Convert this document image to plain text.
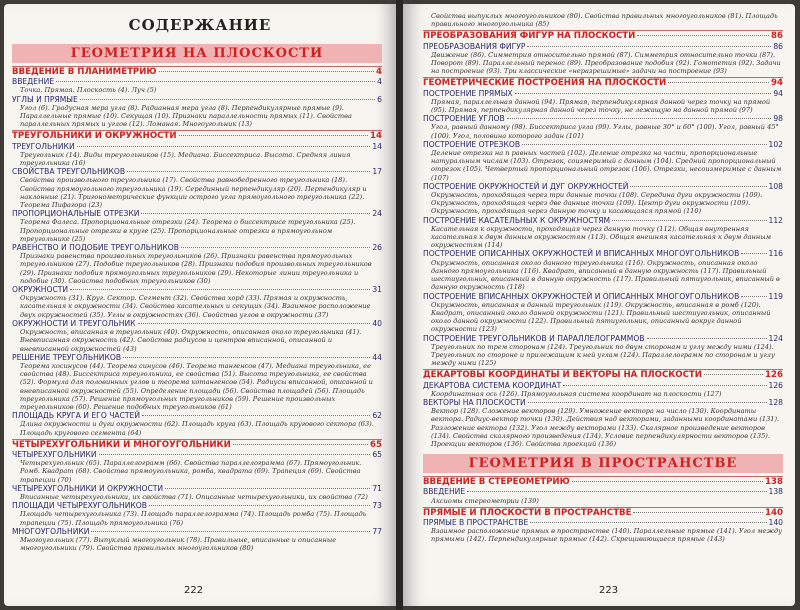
СОДЕРЖАНИЕ
ГЕОМЕТРИЯ НА ПЛОСКОСТИ
ВВЕДЕНИЕ В ПЛАНИМЕТРИЮ	4
ВВЕДЕНИЕ	4
Точка. Прямая. Плоскость (4). Луч (5)
УГЛЫ И ПРЯМЫЕ	6
Угол (6). Градусная мера угла (8). Радианная мера угла (8). Перпендикулярные прямые (9). Параллельные прямые (10). Секущая (10). Признаки параллельности прямых (11). Свойства параллельных прямых и углов (12). Ломаная. Многоугольник (13)
ТРЕУГОЛЬНИКИ И ОКРУЖНОСТИ	14
ТРЕУГОЛЬНИКИ	14
Треугольник (14). Виды треугольников (15). Медиана. Биссектриса. Высота. Средняя линия треугольника (16)
СВОЙСТВА ТРЕУГОЛЬНИКОВ	17
Свойства произвольного треугольника (17). Свойства равнобедренного треугольника (18). Свойства прямоугольного треугольника (19). Серединный перпендикуляр (20). Перпендикуляр и наклонные (21). Тригонометрические функции острого угла прямоугольного треугольника (22). Теорема Пифагора (23)
ПРОПОРЦИОНАЛЬНЫЕ ОТРЕЗКИ	24
Теорема Фалеса. Пропорциональные отрезки (24). Теорема о биссектрисе треугольника (25). Пропорциональные отрезки в круге (25). Пропорциональные отрезки в прямоугольном треугольнике (25)
РАВЕНСТВО И ПОДОБИЕ ТРЕУГОЛЬНИКОВ	26
Признаки равенства произвольных треугольников (26). Признаки равенства прямоугольных треугольников (27). Подобие треугольников (28). Признаки подобия произвольных треугольников (29). Признаки подобия прямоугольных треугольников (29). Некоторые линии треугольника и подобие (30). Свойства подобных треугольников (30)
ОКРУЖНОСТИ	31
Окружность (31). Круг. Сектор. Сегмент (32). Свойства хорд (33). Прямая и окружность, касательная к окружности (34). Свойства касательных и секущих (34). Взаимное расположение двух окружностей (35). Углы в окружностях (36). Свойства углов в окружности (37)
ОКРУЖНОСТИ И ТРЕУГОЛЬНИК	40
Окружность, вписанная в треугольник (40). Окружность, описанная около треугольника (41). Вневписанная окружность (42). Свойства радиусов и центров вписанной, описанной и вневписанной окружностей (43)
РЕШЕНИЕ ТРЕУГОЛЬНИКОВ	44
Теорема косинусов (44). Теорема синусов (46). Теорема тангенсов (47). Медиана треугольника, ее свойства (48). Биссектриса треугольника, ее свойства (51). Высота треугольника, ее свойства (52). Формула для половинных углов и теорема котангенсов (54). Радиусы вписанной, описанной и вневписанной окружностей (55). Определение площади (56). Свойства площадей (56). Площадь треугольника (57). Решение прямоугольных треугольников (59). Решение произвольных треугольников (60). Решение подобных треугольников (61)
ПЛОЩАДЬ КРУГА И ЕГО ЧАСТЕЙ	62
Длина окружности и дуги окружности (62). Площадь круга (63). Площадь кругового сектора (63). Площадь кругового сегмента (64)
ЧЕТЫРЕХУГОЛЬНИКИ И МНОГОУГОЛЬНИКИ	65
ЧЕТЫРЕХУГОЛЬНИКИ	65
Четырехугольник (65). Параллелограмм (66). Свойства параллелограмма (67). Прямоугольник. Ромб. Квадрат (68). Свойства прямоугольника, ромба, квадрата (69). Трапеция (69). Свойства трапеции (70)
ЧЕТЫРЕХУГОЛЬНИКИ И ОКРУЖНОСТИ	71
Вписанные четырехугольники, их свойства (71). Описанные четырехугольники, их свойства (72)
ПЛОЩАДИ ЧЕТЫРЕХУГОЛЬНИКОВ	73
Площадь четырехугольника (73). Площадь параллелограмма (74). Площадь ромба (75). Площадь трапеции (75). Площадь прямоугольника (76)
МНОГОУГОЛЬНИКИ	77
Многоугольник (77). Выпуклый многоугольник (78). Правильные, вписанные и описанные многоугольники (79). Свойства правильных многоугольников (80)
222
Свойства выпуклых многоугольников (80). Свойства правильных многоугольников (81). Площадь правильного многоугольника (85)
ПРЕОБРАЗОВАНИЯ ФИГУР НА ПЛОСКОСТИ	86
ПРЕОБРАЗОВАНИЯ ФИГУР	86
Движение (86). Симметрия относительно прямой (87). Симметрия относительно точки (87). Поворот (89). Параллельный перенос (89). Преобразование подобия (92). Гомотетия (92). Задачи на построение (93). Три классические «неразрешимые» задачи на построение (93)
ГЕОМЕТРИЧЕСКИЕ ПОСТРОЕНИЯ НА ПЛОСКОСТИ	94
ПОСТРОЕНИЕ ПРЯМЫХ	94
Прямая, параллельная данной (94). Прямая, перпендикулярная данной через точку на прямой (95). Прямая, перпендикулярная данной через точку, не лежащую на данной прямой (97)
ПОСТРОЕНИЕ УГЛОВ	98
Угол, равный данному (98). Биссектриса угла (99). Углы, равные 30° и 60° (100). Угол, равный 45° (100). Угол, половина которого задан (101)
ПОСТРОЕНИЕ ОТРЕЗКОВ	102
Деление отрезка на n равных частей (102). Деление отрезка на части, пропорциональные натуральным числам (103). Отрезок, соизмеримый с данным (104). Средний пропорциональный отрезок (105). Четвертый пропорциональный отрезок (106). Отрезки, несоизмеримые с данным (107)
ПОСТРОЕНИЕ ОКРУЖНОСТЕЙ И ДУГ ОКРУЖНОСТЕЙ	108
Окружность, проходящая через три данные точки (108). Середина дуги окружности (109). Окружность, проходящая через две данные точки (109). Центр дуги окружности (109). Окружность, проходящая через данную точку и касающаяся прямой (110)
ПОСТРОЕНИЕ КАСАТЕЛЬНЫХ К ОКРУЖНОСТЯМ	112
Касательная к окружности, проходящая через данную точку (112). Общая внутренняя касательная к двум данным окружностям (113). Общая внешняя касательная к двум данным окружностям (114)
ПОСТРОЕНИЕ ОПИСАННЫХ ОКРУЖНОСТЕЙ И ВПИСАННЫХ МНОГОУГОЛЬНИКОВ	116
Окружность, описанная около данного треугольника (116). Окружность, описанная около данного прямоугольника (116). Квадрат, вписанный в данную окружность (117). Правильный шестиугольник, вписанный в данную окружность (117). Правильный пятиугольник, вписанный в данную окружность (118)
ПОСТРОЕНИЕ ВПИСАННЫХ ОКРУЖНОСТЕЙ И ОПИСАННЫХ МНОГОУГОЛЬНИКОВ	119
Окружность, вписанная в данный треугольник (119). Окружность, вписанная в ромб (120). Квадрат, описанный около данной окружности (121). Правильный шестиугольник, описанный около данной окружности (122). Правильный пятиугольник, описанный вокруг данной окружности (123)
ПОСТРОЕНИЕ ТРЕУГОЛЬНИКОВ И ПАРАЛЛЕЛОГРАММОВ	124
Треугольник по трем сторонам (124). Треугольник по двум сторонам и углу между ними (124). Треугольник по стороне и прилежащим к ней углам (124). Параллелограмм по сторонам и углу между ними (125)
ДЕКАРТОВЫ КООРДИНАТЫ И ВЕКТОРЫ НА ПЛОСКОСТИ	126
ДЕКАРТОВА СИСТЕМА КООРДИНАТ	126
Координатная ось (126). Прямоугольная система координат на плоскости (127)
ВЕКТОРЫ НА ПЛОСКОСТИ	128
Вектор (128). Сложение векторов (129). Умножение вектора на число (130). Координаты вектора. Радиус-вектор точки (130). Действия над векторами, заданными координатами (131). Разложение вектора (132). Угол между векторами (133). Скалярное произведение векторов (134). Свойства скалярного произведения (134). Условие перпендикулярности векторов (135). Проекции векторов (136). Свойства проекций (136)
ГЕОМЕТРИЯ В ПРОСТРАНСТВЕ
ВВЕДЕНИЕ В СТЕРЕОМЕТРИЮ	138
ВВЕДЕНИЕ	138
Аксиомы стереометрии (139)
ПРЯМЫЕ И ПЛОСКОСТИ В ПРОСТРАНСТВЕ	140
ПРЯМЫЕ В ПРОСТРАНСТВЕ	140
Взаимное расположение прямых в пространстве (140). Параллельные прямые (141). Угол между прямыми (142). Перпендикулярные прямые (142). Скрещивающиеся прямые (143)
223
